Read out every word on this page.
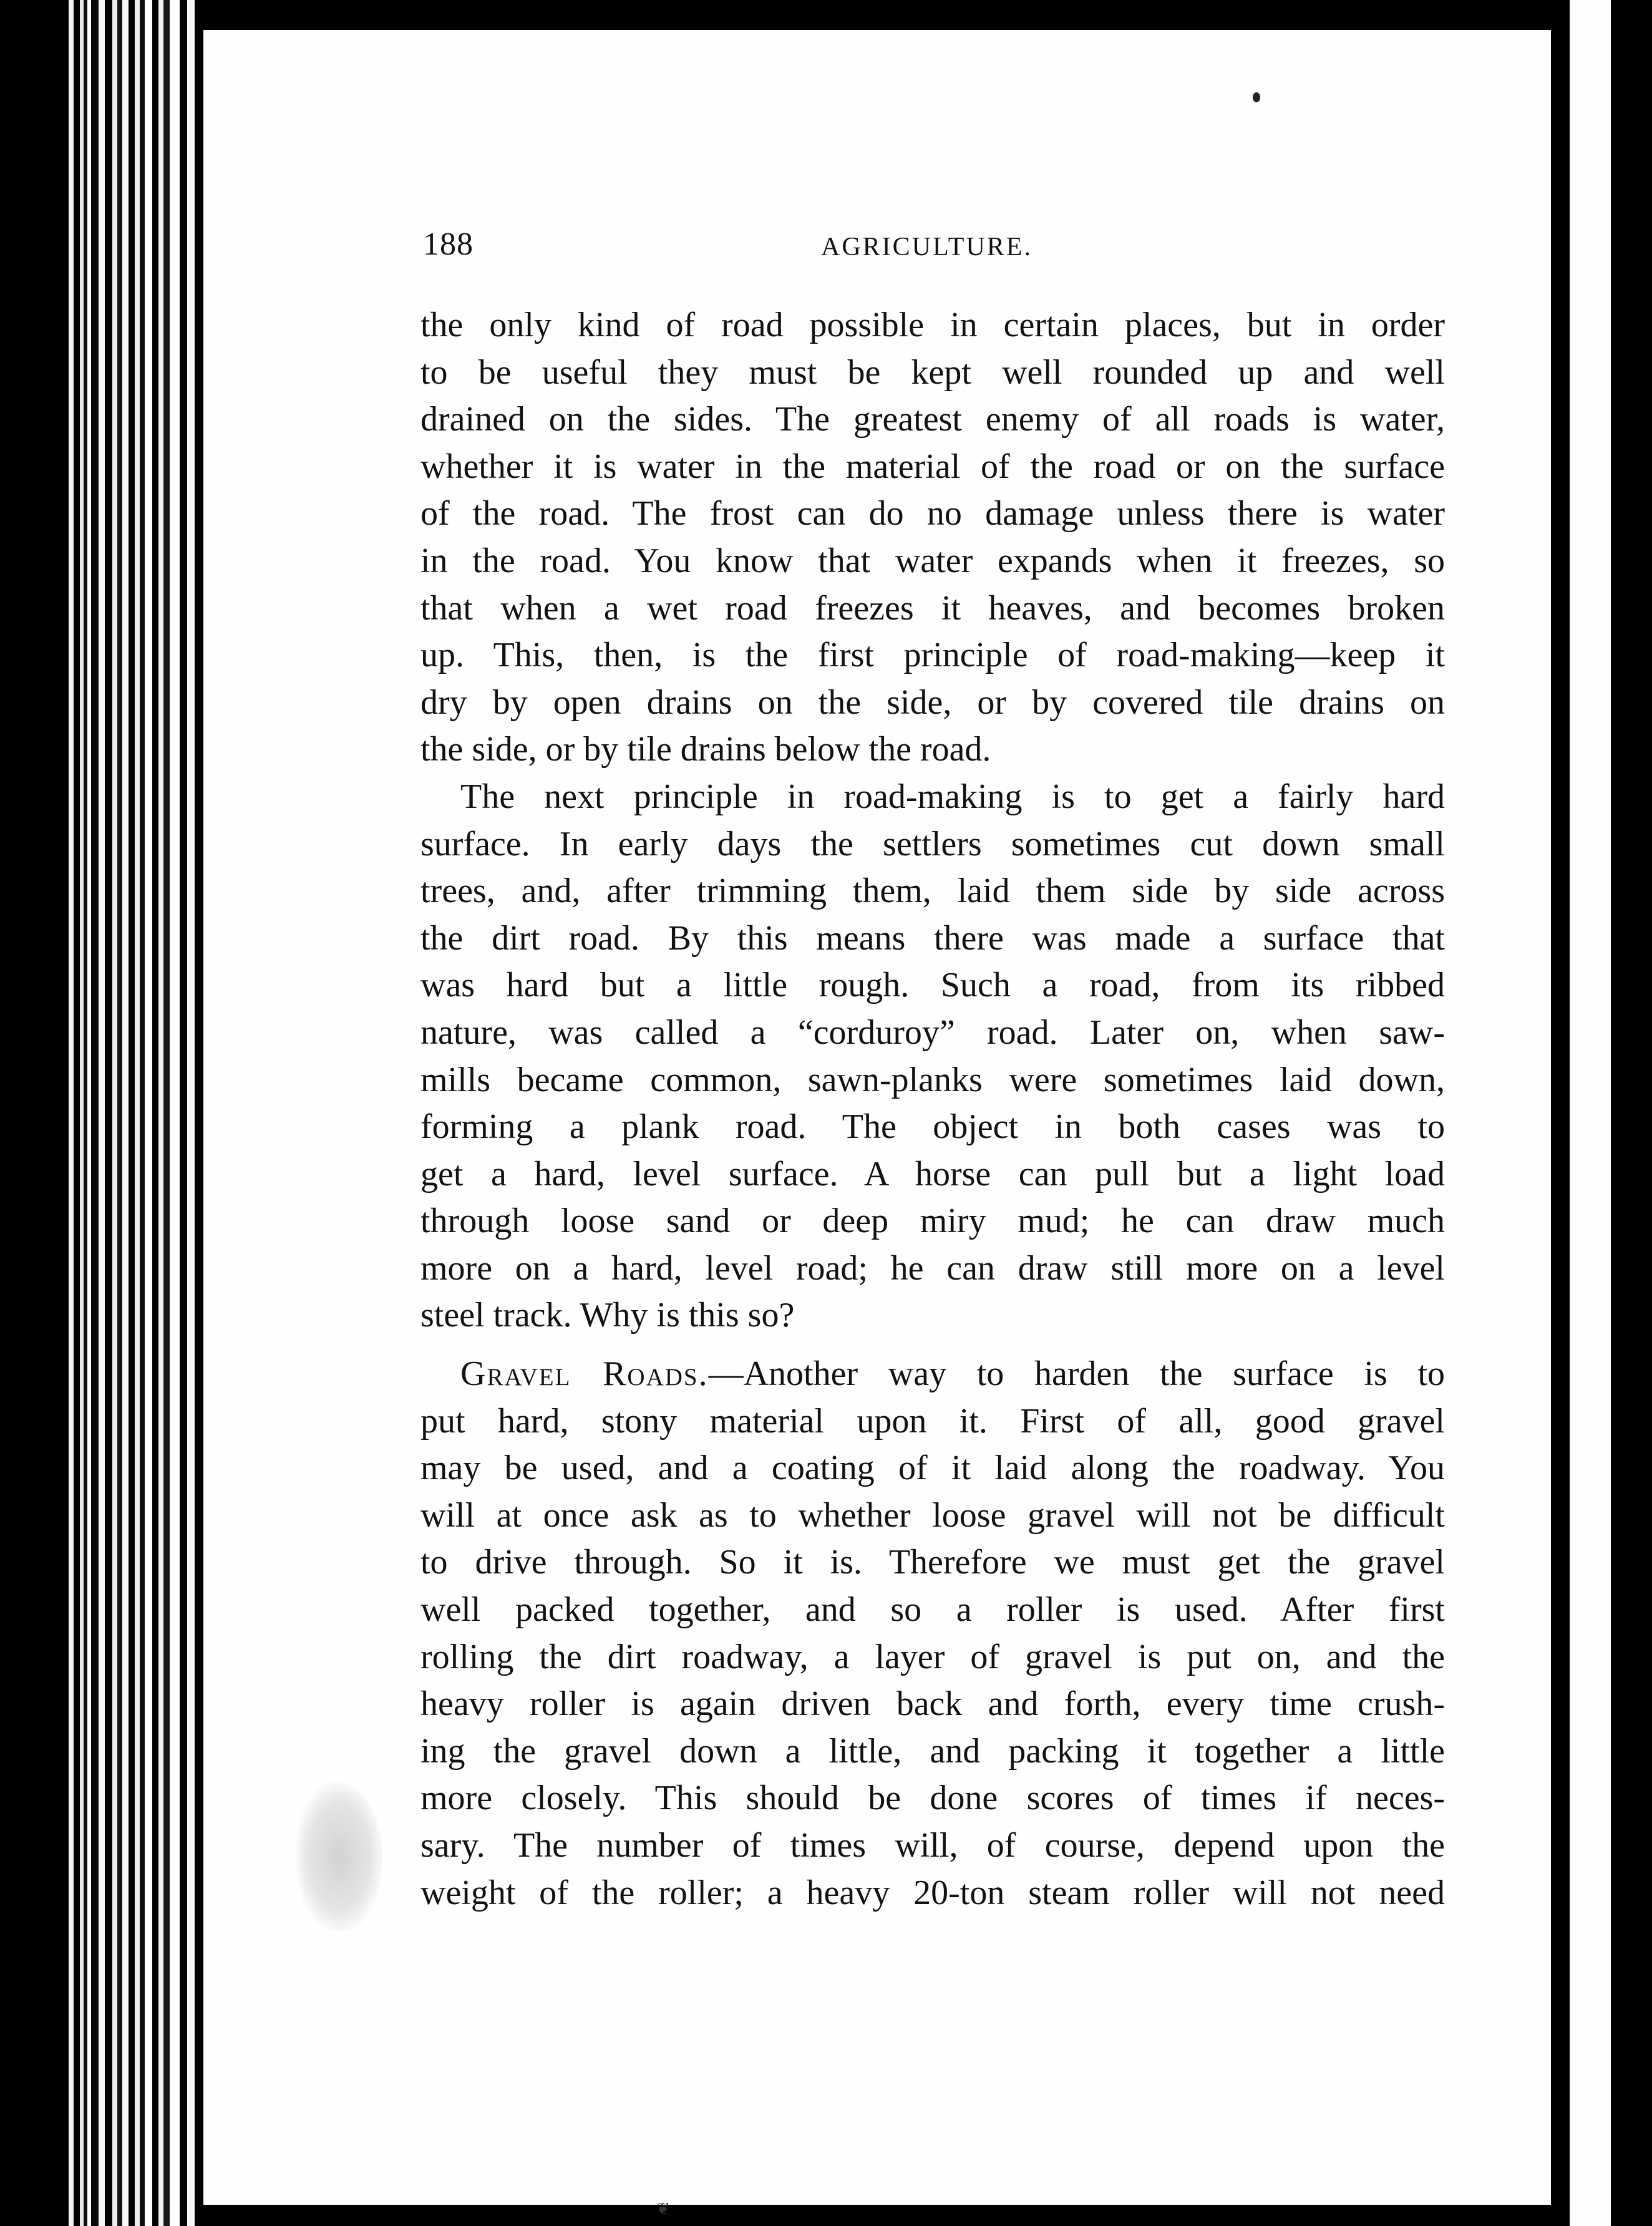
188	AGRICULTURE.
the only kind of road possible in certain places, but in order
to be useful they must be kept well rounded up and well
drained on the sides. The greatest enemy of all roads is water,
whether it is water in the material of the road or on the surface
of the road. The frost can do no damage unless there is water
in the road. You know that water expands when it freezes, so
that when a wet road freezes it heaves, and becomes broken
up. This, then, is the first principle of road-making—keep it
dry by open drains on the side, or by covered tile drains on
the side, or by tile drains below the road.
The next principle in road-making is to get a fairly hard
surface. In early days the settlers sometimes cut down small
trees, and, after trimming them, laid them side by side across
the dirt road. By this means there was made a surface that
was hard but a little rough. Such a road, from its ribbed
nature, was called a “corduroy” road. Later on, when saw-
mills became common, sawn-planks were sometimes laid down,
forming a plank road. The object in both cases was to
get a hard, level surface. A horse can pull but a light load
through loose sand or deep miry mud; he can draw much
more on a hard, level road; he can draw still more on a level
steel track. Why is this so?
Gravel Roads.—Another way to harden the surface is to
put hard, stony material upon it. First of all, good gravel
may be used, and a coating of it laid along the roadway. You
will at once ask as to whether loose gravel will not be difficult
to drive through. So it is. Therefore we must get the gravel
well packed together, and so a roller is used. After first
rolling the dirt roadway, a layer of gravel is put on, and the
heavy roller is again driven back and forth, every time crush-
ing the gravel down a little, and packing it together a little
more closely. This should be done scores of times if neces-
sary. The number of times will, of course, depend upon the
weight of the roller; a heavy 20-ton steam roller will not need
❦
